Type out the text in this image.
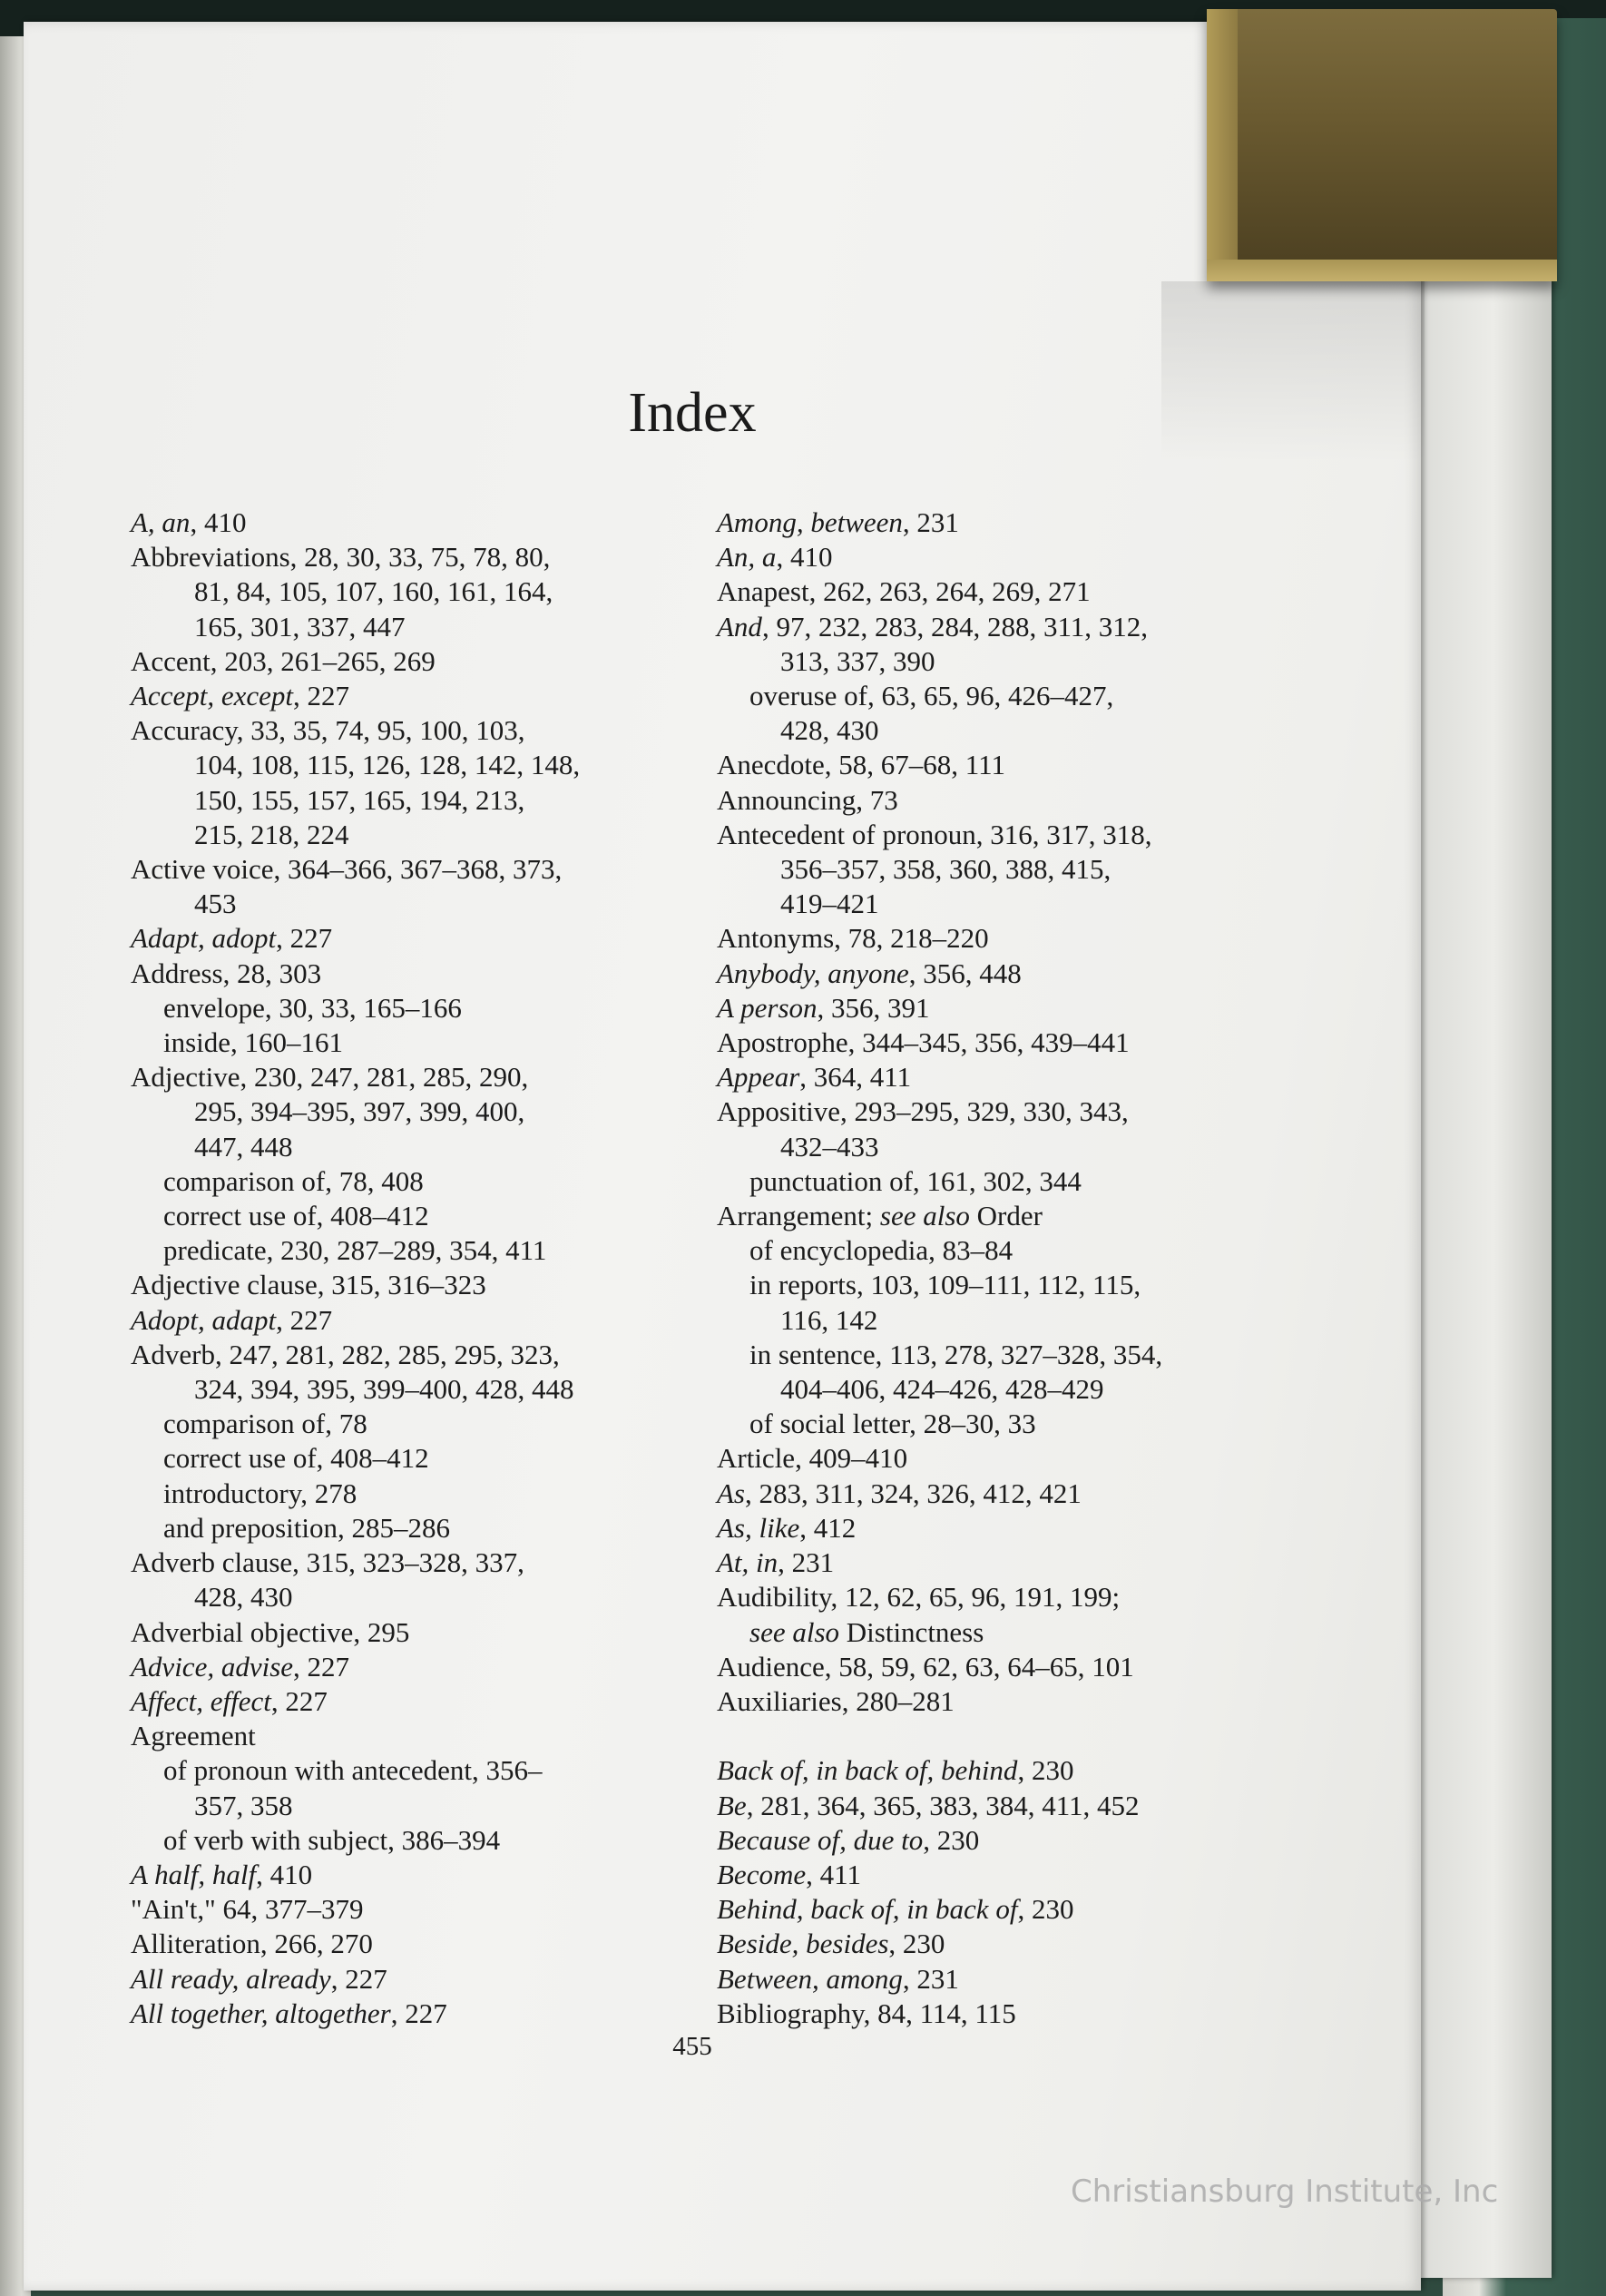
Index
A, an, 410
Abbreviations, 28, 30, 33, 75, 78, 80,
81, 84, 105, 107, 160, 161, 164,
165, 301, 337, 447
Accent, 203, 261–265, 269
Accept, except, 227
Accuracy, 33, 35, 74, 95, 100, 103,
104, 108, 115, 126, 128, 142, 148,
150, 155, 157, 165, 194, 213,
215, 218, 224
Active voice, 364–366, 367–368, 373,
453
Adapt, adopt, 227
Address, 28, 303
envelope, 30, 33, 165–166
inside, 160–161
Adjective, 230, 247, 281, 285, 290,
295, 394–395, 397, 399, 400,
447, 448
comparison of, 78, 408
correct use of, 408–412
predicate, 230, 287–289, 354, 411
Adjective clause, 315, 316–323
Adopt, adapt, 227
Adverb, 247, 281, 282, 285, 295, 323,
324, 394, 395, 399–400, 428, 448
comparison of, 78
correct use of, 408–412
introductory, 278
and preposition, 285–286
Adverb clause, 315, 323–328, 337,
428, 430
Adverbial objective, 295
Advice, advise, 227
Affect, effect, 227
Agreement
of pronoun with antecedent, 356–
357, 358
of verb with subject, 386–394
A half, half, 410
"Ain't," 64, 377–379
Alliteration, 266, 270
All ready, already, 227
All together, altogether, 227
Among, between, 231
An, a, 410
Anapest, 262, 263, 264, 269, 271
And, 97, 232, 283, 284, 288, 311, 312,
313, 337, 390
overuse of, 63, 65, 96, 426–427,
428, 430
Anecdote, 58, 67–68, 111
Announcing, 73
Antecedent of pronoun, 316, 317, 318,
356–357, 358, 360, 388, 415,
419–421
Antonyms, 78, 218–220
Anybody, anyone, 356, 448
A person, 356, 391
Apostrophe, 344–345, 356, 439–441
Appear, 364, 411
Appositive, 293–295, 329, 330, 343,
432–433
punctuation of, 161, 302, 344
Arrangement; see also Order
of encyclopedia, 83–84
in reports, 103, 109–111, 112, 115,
116, 142
in sentence, 113, 278, 327–328, 354,
404–406, 424–426, 428–429
of social letter, 28–30, 33
Article, 409–410
As, 283, 311, 324, 326, 412, 421
As, like, 412
At, in, 231
Audibility, 12, 62, 65, 96, 191, 199;
see also Distinctness
Audience, 58, 59, 62, 63, 64–65, 101
Auxiliaries, 280–281
Back of, in back of, behind, 230
Be, 281, 364, 365, 383, 384, 411, 452
Because of, due to, 230
Become, 411
Behind, back of, in back of, 230
Beside, besides, 230
Between, among, 231
Bibliography, 84, 114, 115
455
Christiansburg Institute, Inc
